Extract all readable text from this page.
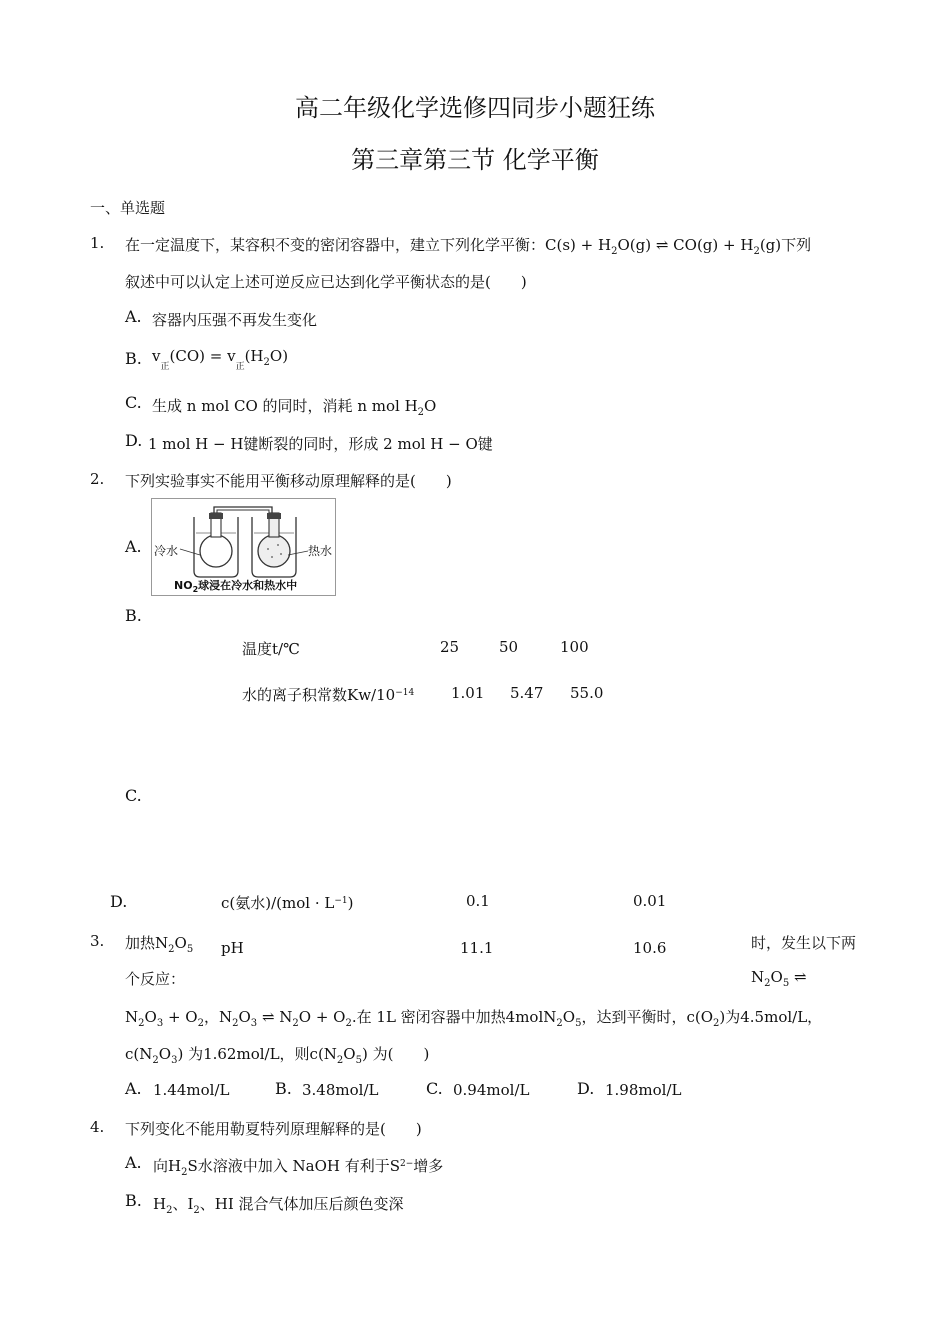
高二年级化学选修四同步小题狂练
第三章第三节 化学平衡
一、单选题
1. 在一定温度下，某容积不变的密闭容器中，建立下列化学平衡：$C(s) + H_2O(g)$ ⇌ $CO(g) + H_2(g)$下列
叙述中可以认定上述可逆反应已达到化学平衡状态的是(　　)
A. 容器内压强不再发生变化
B. $v_正(CO) = v_正(H_2O)$
C. 生成 n mol CO 的同时，消耗 n mol $H_2O$
D. 1 mol H − H键断裂的同时，形成 2 mol H − O键
2. 下列实验事实不能用平衡移动原理解释的是(　　)
A. 冷水	热水
$NO_2$球浸在冷水和热水中
B.
温度t/℃	25	50	100
水的离子积常数$Kw/10^{-14}$ 1.01 5.47 55.0
C.
D.	c(氨水)$/(mol \cdot L^{-1})$	0.1	0.01
pH	11.1	10.6
3. 加热$N_2O_5$	时，发生以下两
个反应：	$N_2O_5$ ⇌
$N_2O_3 + O_2$，$N_2O_3$ ⇌ $N_2O + O_2$.在 1L 密闭容器中加热$4molN_2O_5$，达到平衡时，$c(O_2)$为4.5mol/L，
$c(N_2O_3)$ 为1.62mol/L，则$c(N_2O_5)$ 为(　　)
A. 1.44mol/L	B. 3.48mol/L	C. 0.94mol/L	D. 1.98mol/L
4. 下列变化不能用勒夏特列原理解释的是(　　)
A. 向$H_2S$水溶液中加入 NaOH 有利于$S^{2-}$增多
B. $H_2$、$I_2$、HI 混合气体加压后颜色变深
